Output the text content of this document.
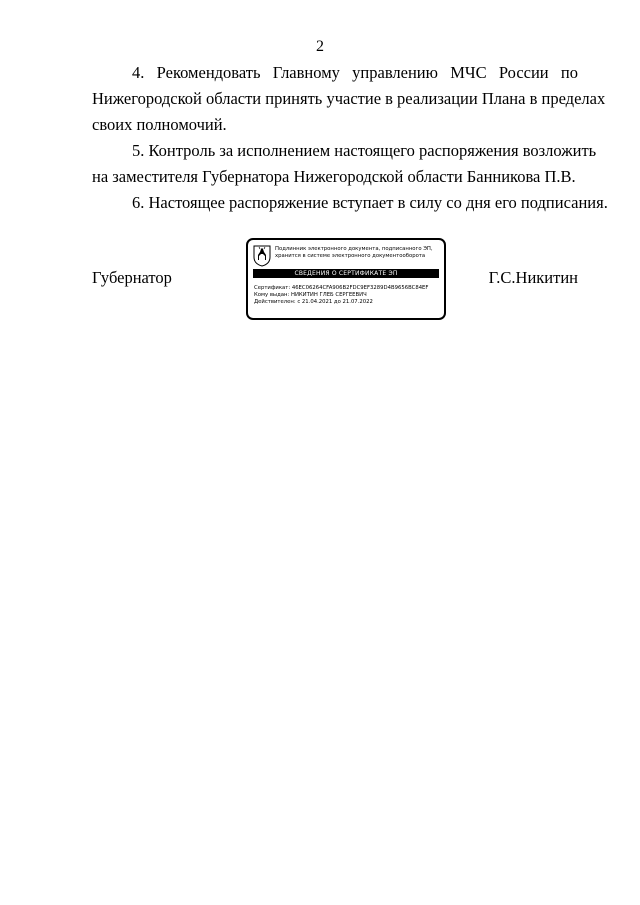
2
4. Рекомендовать Главному управлению МЧС России по
Нижегородской области принять участие в реализации Плана в пределах
своих полномочий.
5. Контроль за исполнением настоящего распоряжения возложить
на заместителя Губернатора Нижегородской области Банникова П.В.
6. Настоящее распоряжение вступает в силу со дня его подписания.
Губернатор	Г.С.Никитин
Подлинник электронного документа, подписанного ЭП,
хранится в системе электронного документооборота
СВЕДЕНИЯ О СЕРТИФИКАТЕ ЭП
Сертификат: 46EC06264CFA906B2FDC9EF3289D4B9656BC84EF
Кому выдан: НИКИТИН ГЛЕБ СЕРГЕЕВИЧ
Действителен: с 21.04.2021 до 21.07.2022
